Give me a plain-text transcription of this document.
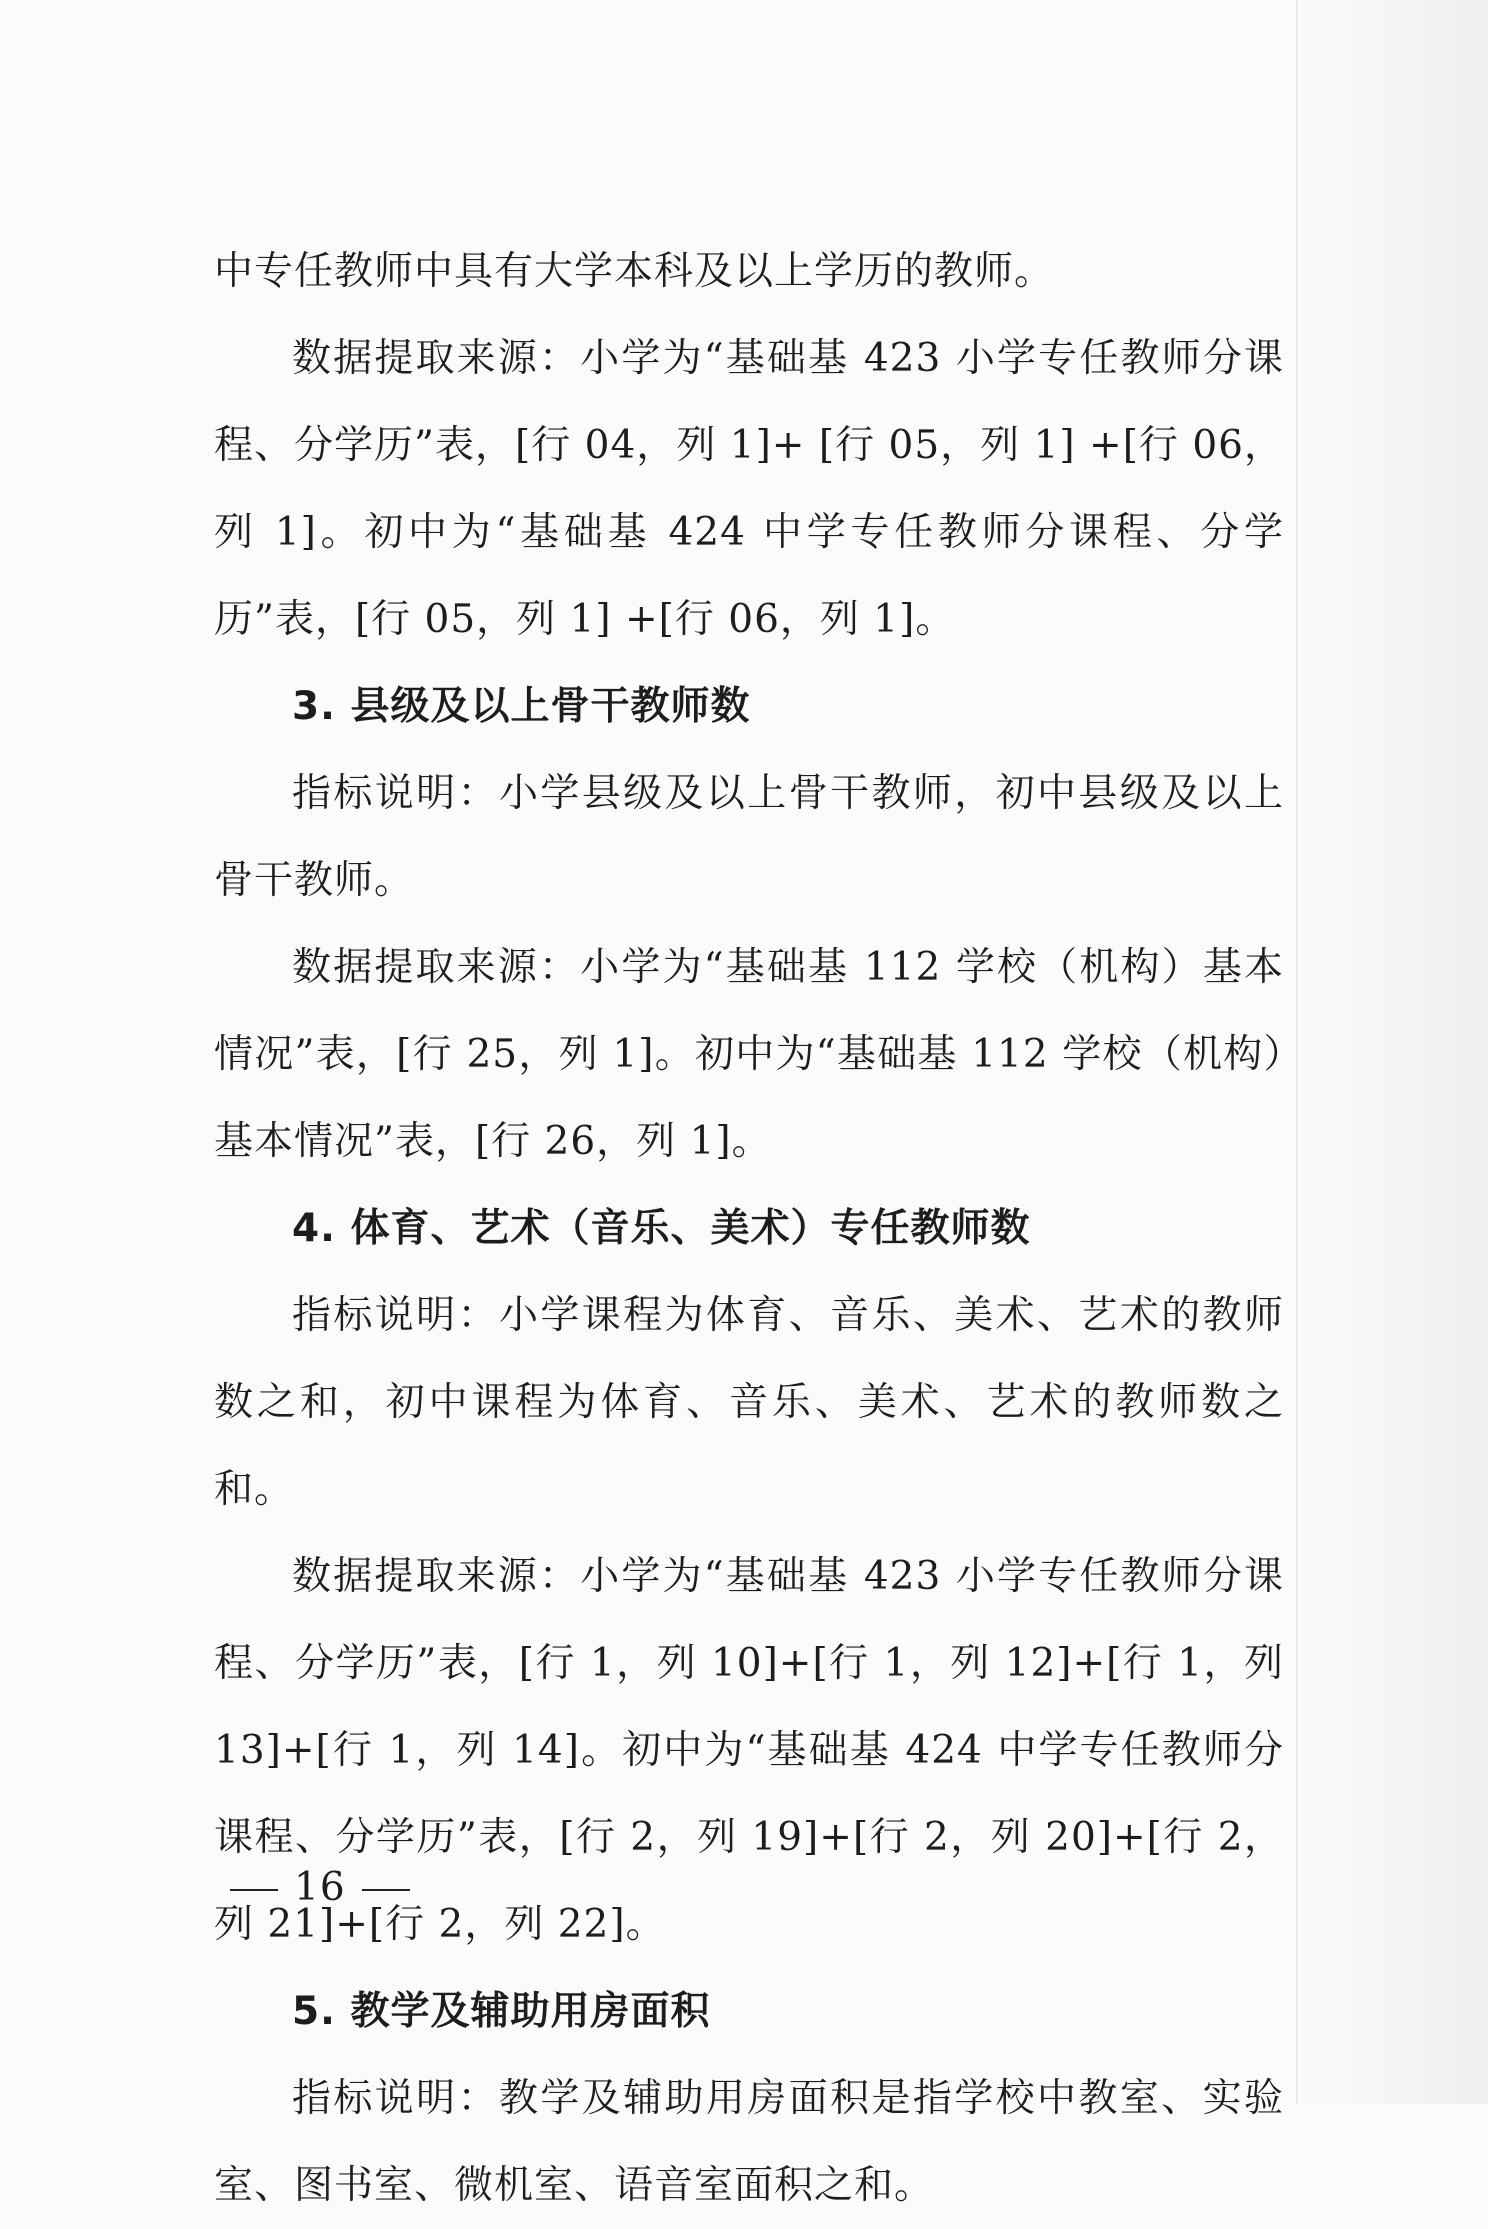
中专任教师中具有大学本科及以上学历的教师。

数据提取来源：小学为“基础基 423 小学专任教师分课程、分学历”表，[行 04，列 1]+ [行 05，列 1] +[行 06，列 1]。初中为“基础基 424 中学专任教师分课程、分学历”表，[行 05，列 1] +[行 06，列 1]。

3. 县级及以上骨干教师数

指标说明：小学县级及以上骨干教师，初中县级及以上骨干教师。

数据提取来源：小学为“基础基 112 学校（机构）基本情况”表，[行 25，列 1]。初中为“基础基 112 学校（机构）基本情况”表，[行 26，列 1]。

4. 体育、艺术（音乐、美术）专任教师数

指标说明：小学课程为体育、音乐、美术、艺术的教师数之和，初中课程为体育、音乐、美术、艺术的教师数之和。

数据提取来源：小学为“基础基 423 小学专任教师分课程、分学历”表，[行 1，列 10]+[行 1，列 12]+[行 1，列 13]+[行 1，列 14]。初中为“基础基 424 中学专任教师分课程、分学历”表，[行 2，列 19]+[行 2，列 20]+[行 2，列 21]+[行 2，列 22]。

5. 教学及辅助用房面积

指标说明：教学及辅助用房面积是指学校中教室、实验室、图书室、微机室、语音室面积之和。

16
